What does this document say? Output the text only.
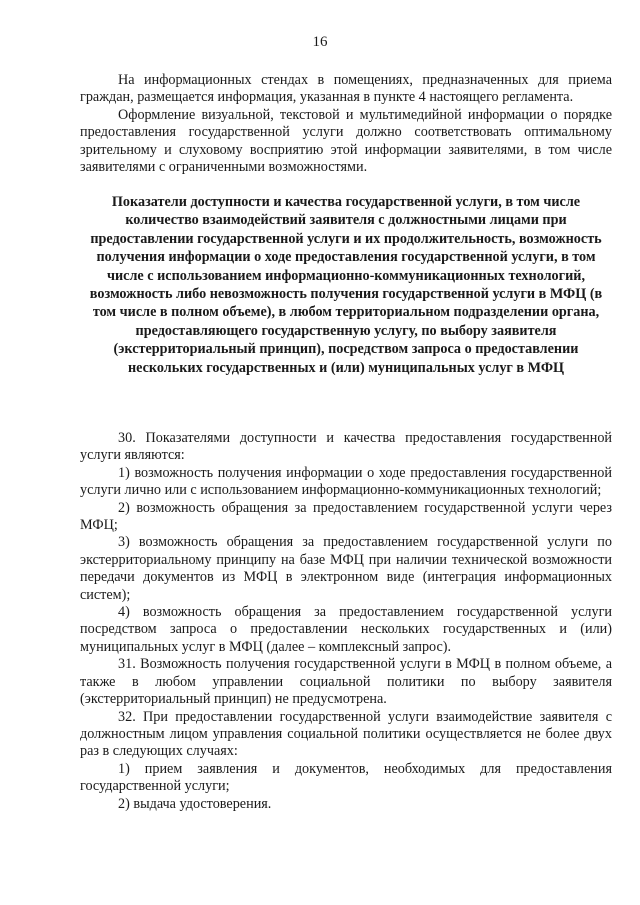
16

На информационных стендах в помещениях, предназначенных для приема граждан, размещается информация, указанная в пункте 4 настоящего регламента.

Оформление визуальной, текстовой и мультимедийной информации о порядке предоставления государственной услуги должно соответствовать оптимальному зрительному и слуховому восприятию этой информации заявителями, в том числе заявителями с ограниченными возможностями.

Показатели доступности и качества государственной услуги, в том числе количество взаимодействий заявителя с должностными лицами при предоставлении государственной услуги и их продолжительность, возможность получения информации о ходе предоставления государственной услуги, в том числе с использованием информационно-коммуникационных технологий, возможность либо невозможность получения государственной услуги в МФЦ (в том числе в полном объеме), в любом территориальном подразделении органа, предоставляющего государственную услугу, по выбору заявителя (экстерриториальный принцип), посредством запроса о предоставлении нескольких государственных и (или) муниципальных услуг в МФЦ

30. Показателями доступности и качества предоставления государственной услуги являются:

1) возможность получения информации о ходе предоставления государственной услуги лично или с использованием информационно-коммуникационных технологий;

2) возможность обращения за предоставлением государственной услуги через МФЦ;

3) возможность обращения за предоставлением государственной услуги по экстерриториальному принципу на базе МФЦ при наличии технической возможности передачи документов из МФЦ в электронном виде (интеграция информационных систем);

4) возможность обращения за предоставлением государственной услуги посредством запроса о предоставлении нескольких государственных и (или) муниципальных услуг в МФЦ (далее – комплексный запрос).

31. Возможность получения государственной услуги в МФЦ в полном объеме, а также в любом управлении социальной политики по выбору заявителя (экстерриториальный принцип) не предусмотрена.

32. При предоставлении государственной услуги взаимодействие заявителя с должностным лицом управления социальной политики осуществляется не более двух раз в следующих случаях:

1) прием заявления и документов, необходимых для предоставления государственной услуги;

2) выдача удостоверения.
